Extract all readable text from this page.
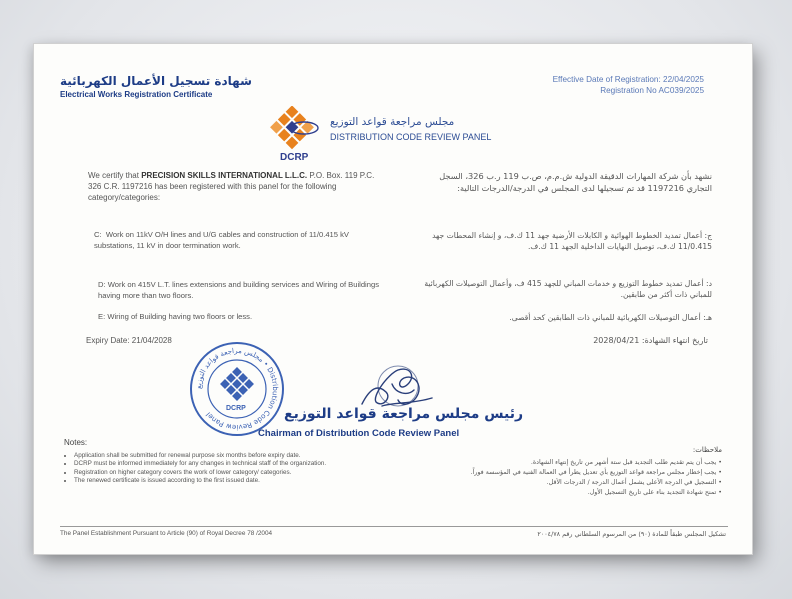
شهادة تسجيل الأعمال الكهربائية
Electrical Works Registration Certificate
Effective Date of Registration: 22/04/2025
Registration No AC039/2025
DCRP
مجلس مراجعة قواعد التوزيع
DISTRIBUTION CODE REVIEW PANEL
We certify that PRECISION SKILLS INTERNATIONAL L.L.C. P.O. Box. 119 P.C. 326 C.R. 1197216 has been registered with this panel for the following category/categories:
C: Work on 11kV O/H lines and U/G cables and construction of 11/0.415 kV substations, 11 kV in door termination work.
D: Work on 415V L.T. lines extensions and building services and Wiring of Buildings having more than two floors.
E: Wiring of Building having two floors or less.
نشهد بأن شركة المهارات الدقيقة الدولية ش.م.م، ص.ب 119 ر.ب 326، السجل التجاري 1197216 قد تم تسجيلها لدى المجلس في الدرجة/الدرجات التالية:
ج: أعمال تمديد الخطوط الهوائية و الكابلات الأرضية جهد 11 ك.ف، و إنشاء المحطات جهد 11/0.415 ك.ف، توصيل النهايات الداخلية الجهد 11 ك.ف.
د: أعمال تمديد خطوط التوزيع و خدمات المباني للجهد 415 ف، وأعمال التوصيلات الكهربائية للمباني ذات أكثر من طابقين.
هـ: أعمال التوصيلات الكهربائية للمباني ذات الطابقين كحد أقصى.
Expiry Date: 21/04/2028	تاريخ انتهاء الشهادة: 2028/04/21
مجلس مراجعة قواعد التوزيع • Distribution Code Review Panel
DCRP	رئيس مجلس مراجعة قواعد التوزيع
Chairman of Distribution Code Review Panel
Notes:
• Application shall be submitted for renewal purpose six months before expiry date.
• DCRP must be informed immediately for any changes in technical staff of the organization.
• Registration on higher category covers the work of lower category/ categories.
• The renewed certificate is issued according to the first issued date.
ملاحظات:
• يجب أن يتم تقديم طلب التجديد قبل ستة أشهر من تاريخ إنتهاء الشهادة.
• يجب إخطار مجلس مراجعة قواعد التوزيع بأي تعديل يطرأ في العمالة الفنية في المؤسسة فوراً.
• التسجيل في الدرجة الأعلى يشمل أعمال الدرجة / الدرجات الأقل.
• تمنح شهادة التجديد بناء على تاريخ التسجيل الأول.
The Panel Establishment Pursuant to Article (90) of Royal Decree 78 /2004	تشكيل المجلس طبقاً للمادة (٩٠) من المرسوم السلطاني رقم ٢٠٠٤/٧٨
